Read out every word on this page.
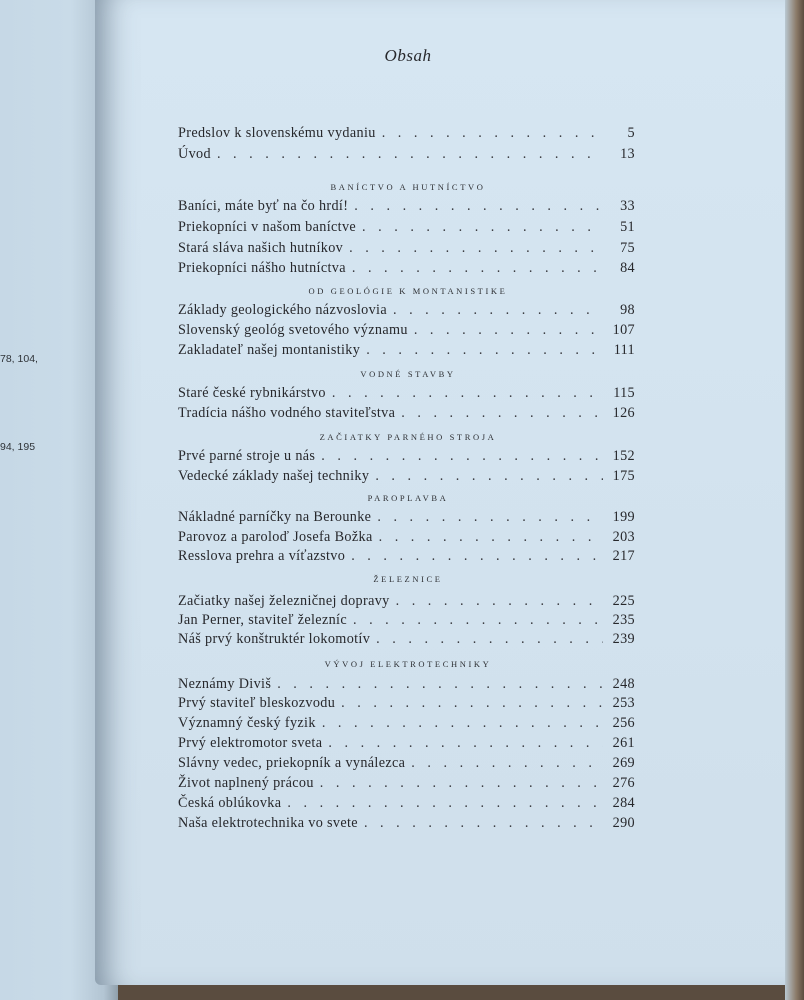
78, 104,
94, 195
Obsah
Predslov k slovenskému vydaniu . . .	5
Úvod . . .	13
BANÍCTVO A HUTNÍCTVO
Baníci, máte byť na čo hrdí! . . .	33
Priekopníci v našom baníctve . . .	51
Stará sláva našich hutníkov . . .	75
Priekopníci nášho hutníctva . . .	84
OD GEOLÓGIE K MONTANISTIKE
Základy geologického názvoslovia . . .	98
Slovenský geológ svetového významu . . .	107
Zakladateľ našej montanistiky . . .	111
VODNÉ STAVBY
Staré české rybnikárstvo . . .	115
Tradícia nášho vodného staviteľstva . . .	126
ZAČIATKY PARNÉHO STROJA
Prvé parné stroje u nás . . .	152
Vedecké základy našej techniky . . .	175
PAROPLAVBA
Nákladné parníčky na Berounke . . .	199
Parovoz a paroloď Josefa Božka . . .	203
Resslova prehra a víťazstvo . . .	217
ŽELEZNICE
Začiatky našej železničnej dopravy . . .	225
Jan Perner, staviteľ železníc . . .	235
Náš prvý konštruktér lokomotív . . .	239
VÝVOJ ELEKTROTECHNIKY
Neznámy Diviš . . .	248
Prvý staviteľ bleskozvodu . . .	253
Významný český fyzik . . .	256
Prvý elektromotor sveta . . .	261
Slávny vedec, priekopník a vynálezca . . .	269
Život naplnený prácou . . .	276
Česká oblúkovka . . .	284
Naša elektrotechnika vo svete . . .	290
